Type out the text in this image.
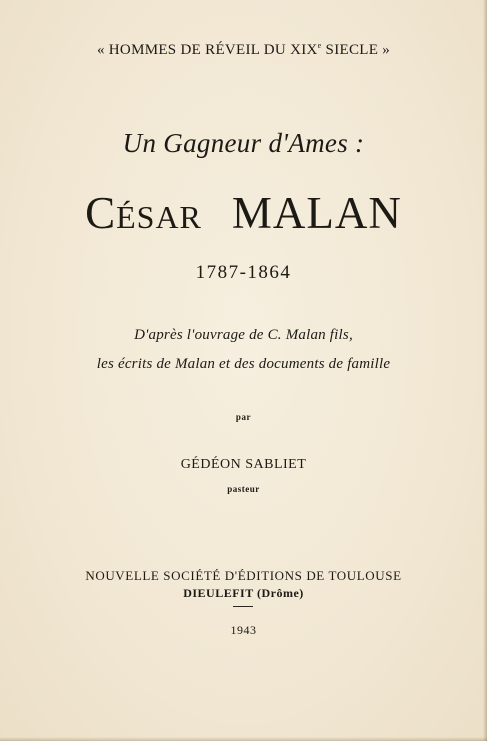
« HOMMES DE RÉVEIL DU XIXe SIECLE »

Un Gagneur d'Ames :

César MALAN

1787-1864

D'après l'ouvrage de C. Malan fils,

les écrits de Malan et des documents de famille

par

GÉDÉON SABLIET

pasteur

NOUVELLE SOCIÉTÉ D'ÉDITIONS DE TOULOUSE

DIEULEFIT (Drôme)

1943
